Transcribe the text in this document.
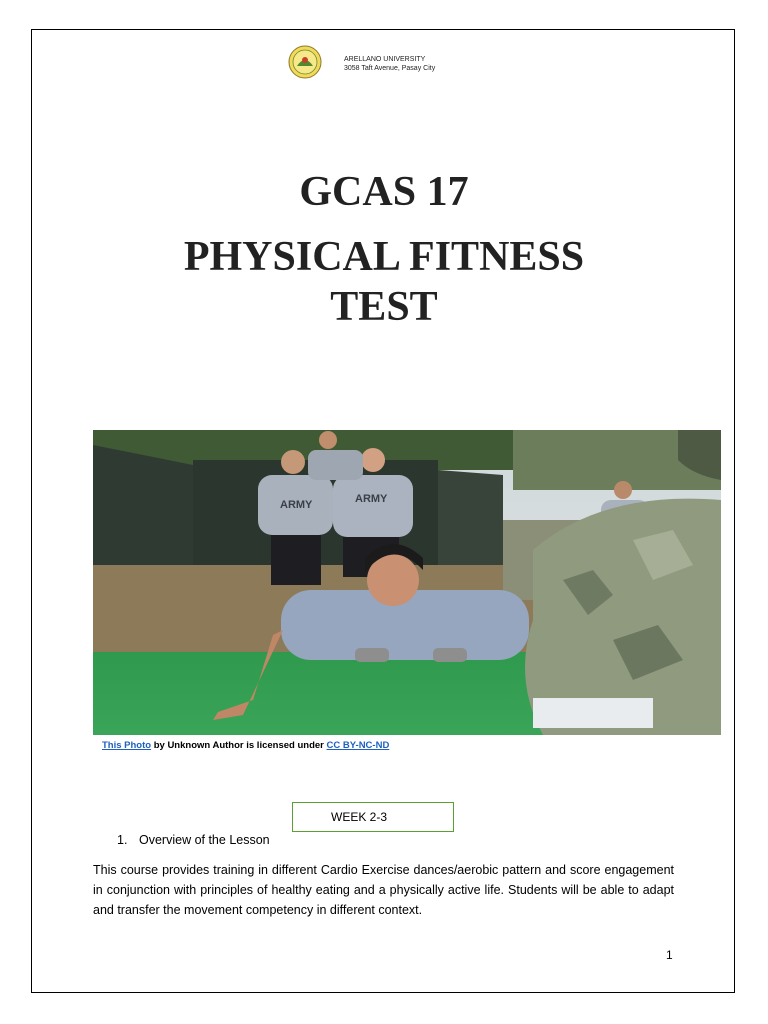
ARELLANO UNIVERSITY
3058 Taft Avenue, Pasay City
GCAS 17
PHYSICAL FITNESS
TEST
ARMY	ARMY
This Photo by Unknown Author is licensed under CC BY-NC-ND
WEEK 2-3
1. Overview of the Lesson
This course provides training in different Cardio Exercise dances/aerobic pattern and score engagement in conjunction with principles of healthy eating and a physically active life. Students will be able to adapt and transfer the movement competency in different context.
1
